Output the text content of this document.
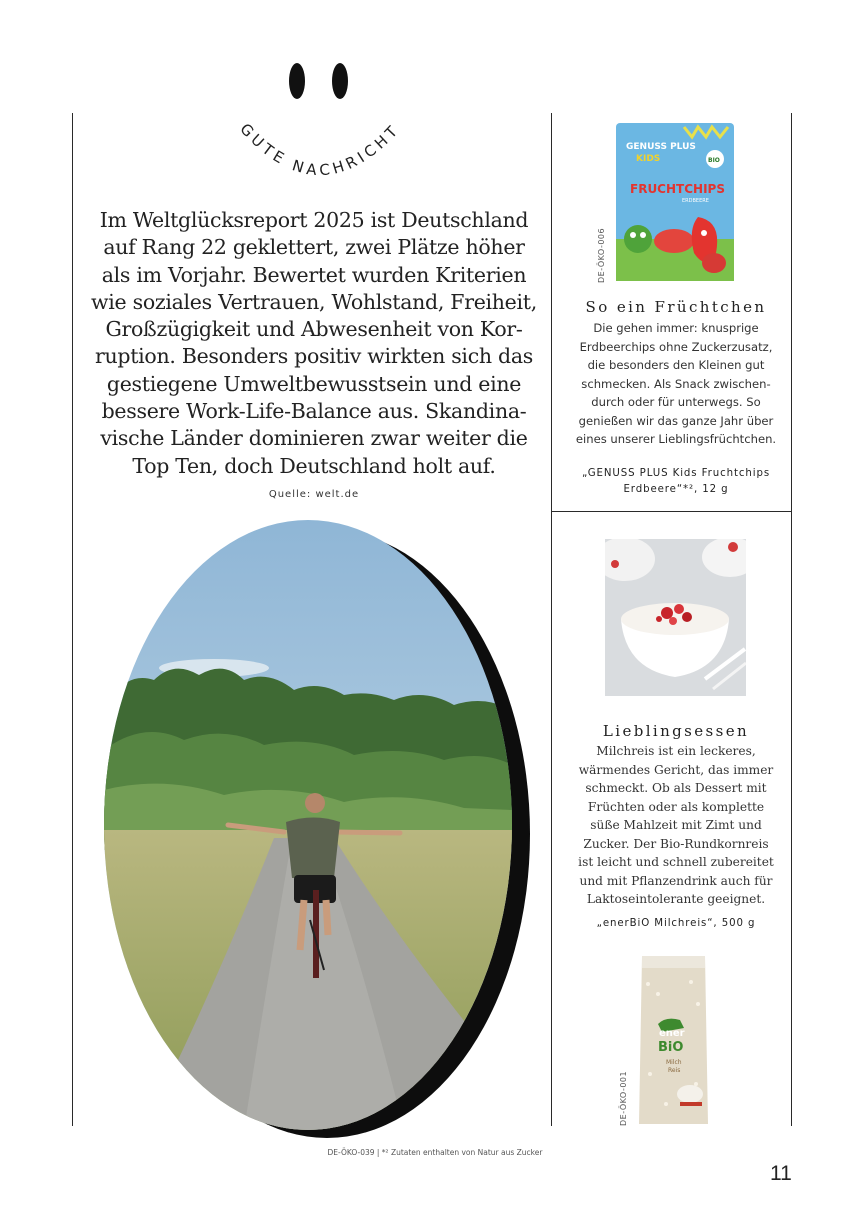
GUTE NACHRICHT
Im Weltglücksreport 2025 ist Deutschland
auf Rang 22 geklettert, zwei Plätze höher
als im Vorjahr. Bewertet wurden Kriterien
wie soziales Vertrauen, Wohlstand, Freiheit,
Großzügigkeit und Abwesenheit von Kor-
ruption. Besonders positiv wirkten sich das
gestiegene Umweltbewusstsein und eine
bessere Work-Life-Balance aus. Skandina-
vische Länder dominieren zwar weiter die
Top Ten, doch Deutschland holt auf.
Quelle: welt.de
DE-ÖKO-006
GENUSS PLUS
KIDS	BIO
FRUCHTCHIPS
ERDBEERE
So ein Früchtchen
Die gehen immer: knusprige
Erdbeerchips ohne Zuckerzusatz,
die besonders den Kleinen gut
schmecken. Als Snack zwischen-
durch oder für unterwegs. So
genießen wir das ganze Jahr über
eines unserer Lieblingsfrüchtchen.
„GENUSS PLUS Kids Fruchtchips
Erdbeere“*², 12 g
Lieblingsessen
Milchreis ist ein leckeres,
wärmendes Gericht, das immer
schmeckt. Ob als Dessert mit
Früchten oder als komplette
süße Mahlzeit mit Zimt und
Zucker. Der Bio-Rundkornreis
ist leicht und schnell zubereitet
und mit Pflanzendrink auch für
Laktoseintolerante geeignet.
„enerBiO Milchreis“, 500 g
DE-ÖKO-001
ener
BiO
Milch
Reis
DE-ÖKO-039 | *² Zutaten enthalten von Natur aus Zucker
11
